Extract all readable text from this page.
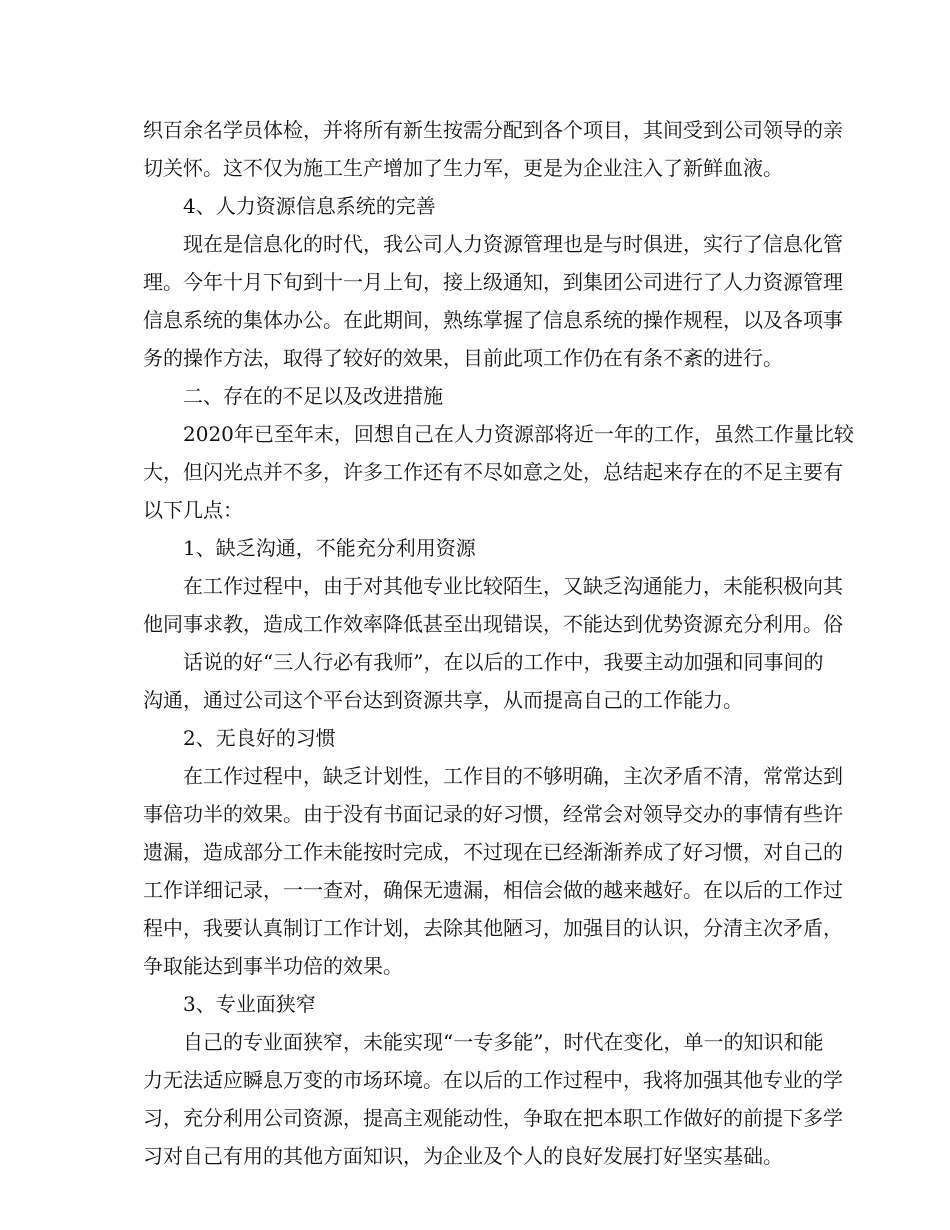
织百余名学员体检，并将所有新生按需分配到各个项目，其间受到公司领导的亲
切关怀。这不仅为施工生产增加了生力军，更是为企业注入了新鲜血液。
4、人力资源信息系统的完善
现在是信息化的时代，我公司人力资源管理也是与时俱进，实行了信息化管
理。今年十月下旬到十一月上旬，接上级通知，到集团公司进行了人力资源管理
信息系统的集体办公。在此期间，熟练掌握了信息系统的操作规程，以及各项事
务的操作方法，取得了较好的效果，目前此项工作仍在有条不紊的进行。
二、存在的不足以及改进措施
2020年已至年末，回想自己在人力资源部将近一年的工作，虽然工作量比较
大，但闪光点并不多，许多工作还有不尽如意之处，总结起来存在的不足主要有
以下几点：
1、缺乏沟通，不能充分利用资源
在工作过程中，由于对其他专业比较陌生，又缺乏沟通能力，未能积极向其
他同事求教，造成工作效率降低甚至出现错误，不能达到优势资源充分利用。俗
话说的好“三人行必有我师”，在以后的工作中，我要主动加强和同事间的
沟通，通过公司这个平台达到资源共享，从而提高自己的工作能力。
2、无良好的习惯
在工作过程中，缺乏计划性，工作目的不够明确，主次矛盾不清，常常达到
事倍功半的效果。由于没有书面记录的好习惯，经常会对领导交办的事情有些许
遗漏，造成部分工作未能按时完成，不过现在已经渐渐养成了好习惯，对自己的
工作详细记录，一一查对，确保无遗漏，相信会做的越来越好。在以后的工作过
程中，我要认真制订工作计划，去除其他陋习，加强目的认识，分清主次矛盾，
争取能达到事半功倍的效果。
3、专业面狭窄
自己的专业面狭窄，未能实现“一专多能”，时代在变化，单一的知识和能
力无法适应瞬息万变的市场环境。在以后的工作过程中，我将加强其他专业的学
习，充分利用公司资源，提高主观能动性，争取在把本职工作做好的前提下多学
习对自己有用的其他方面知识，为企业及个人的良好发展打好坚实基础。
